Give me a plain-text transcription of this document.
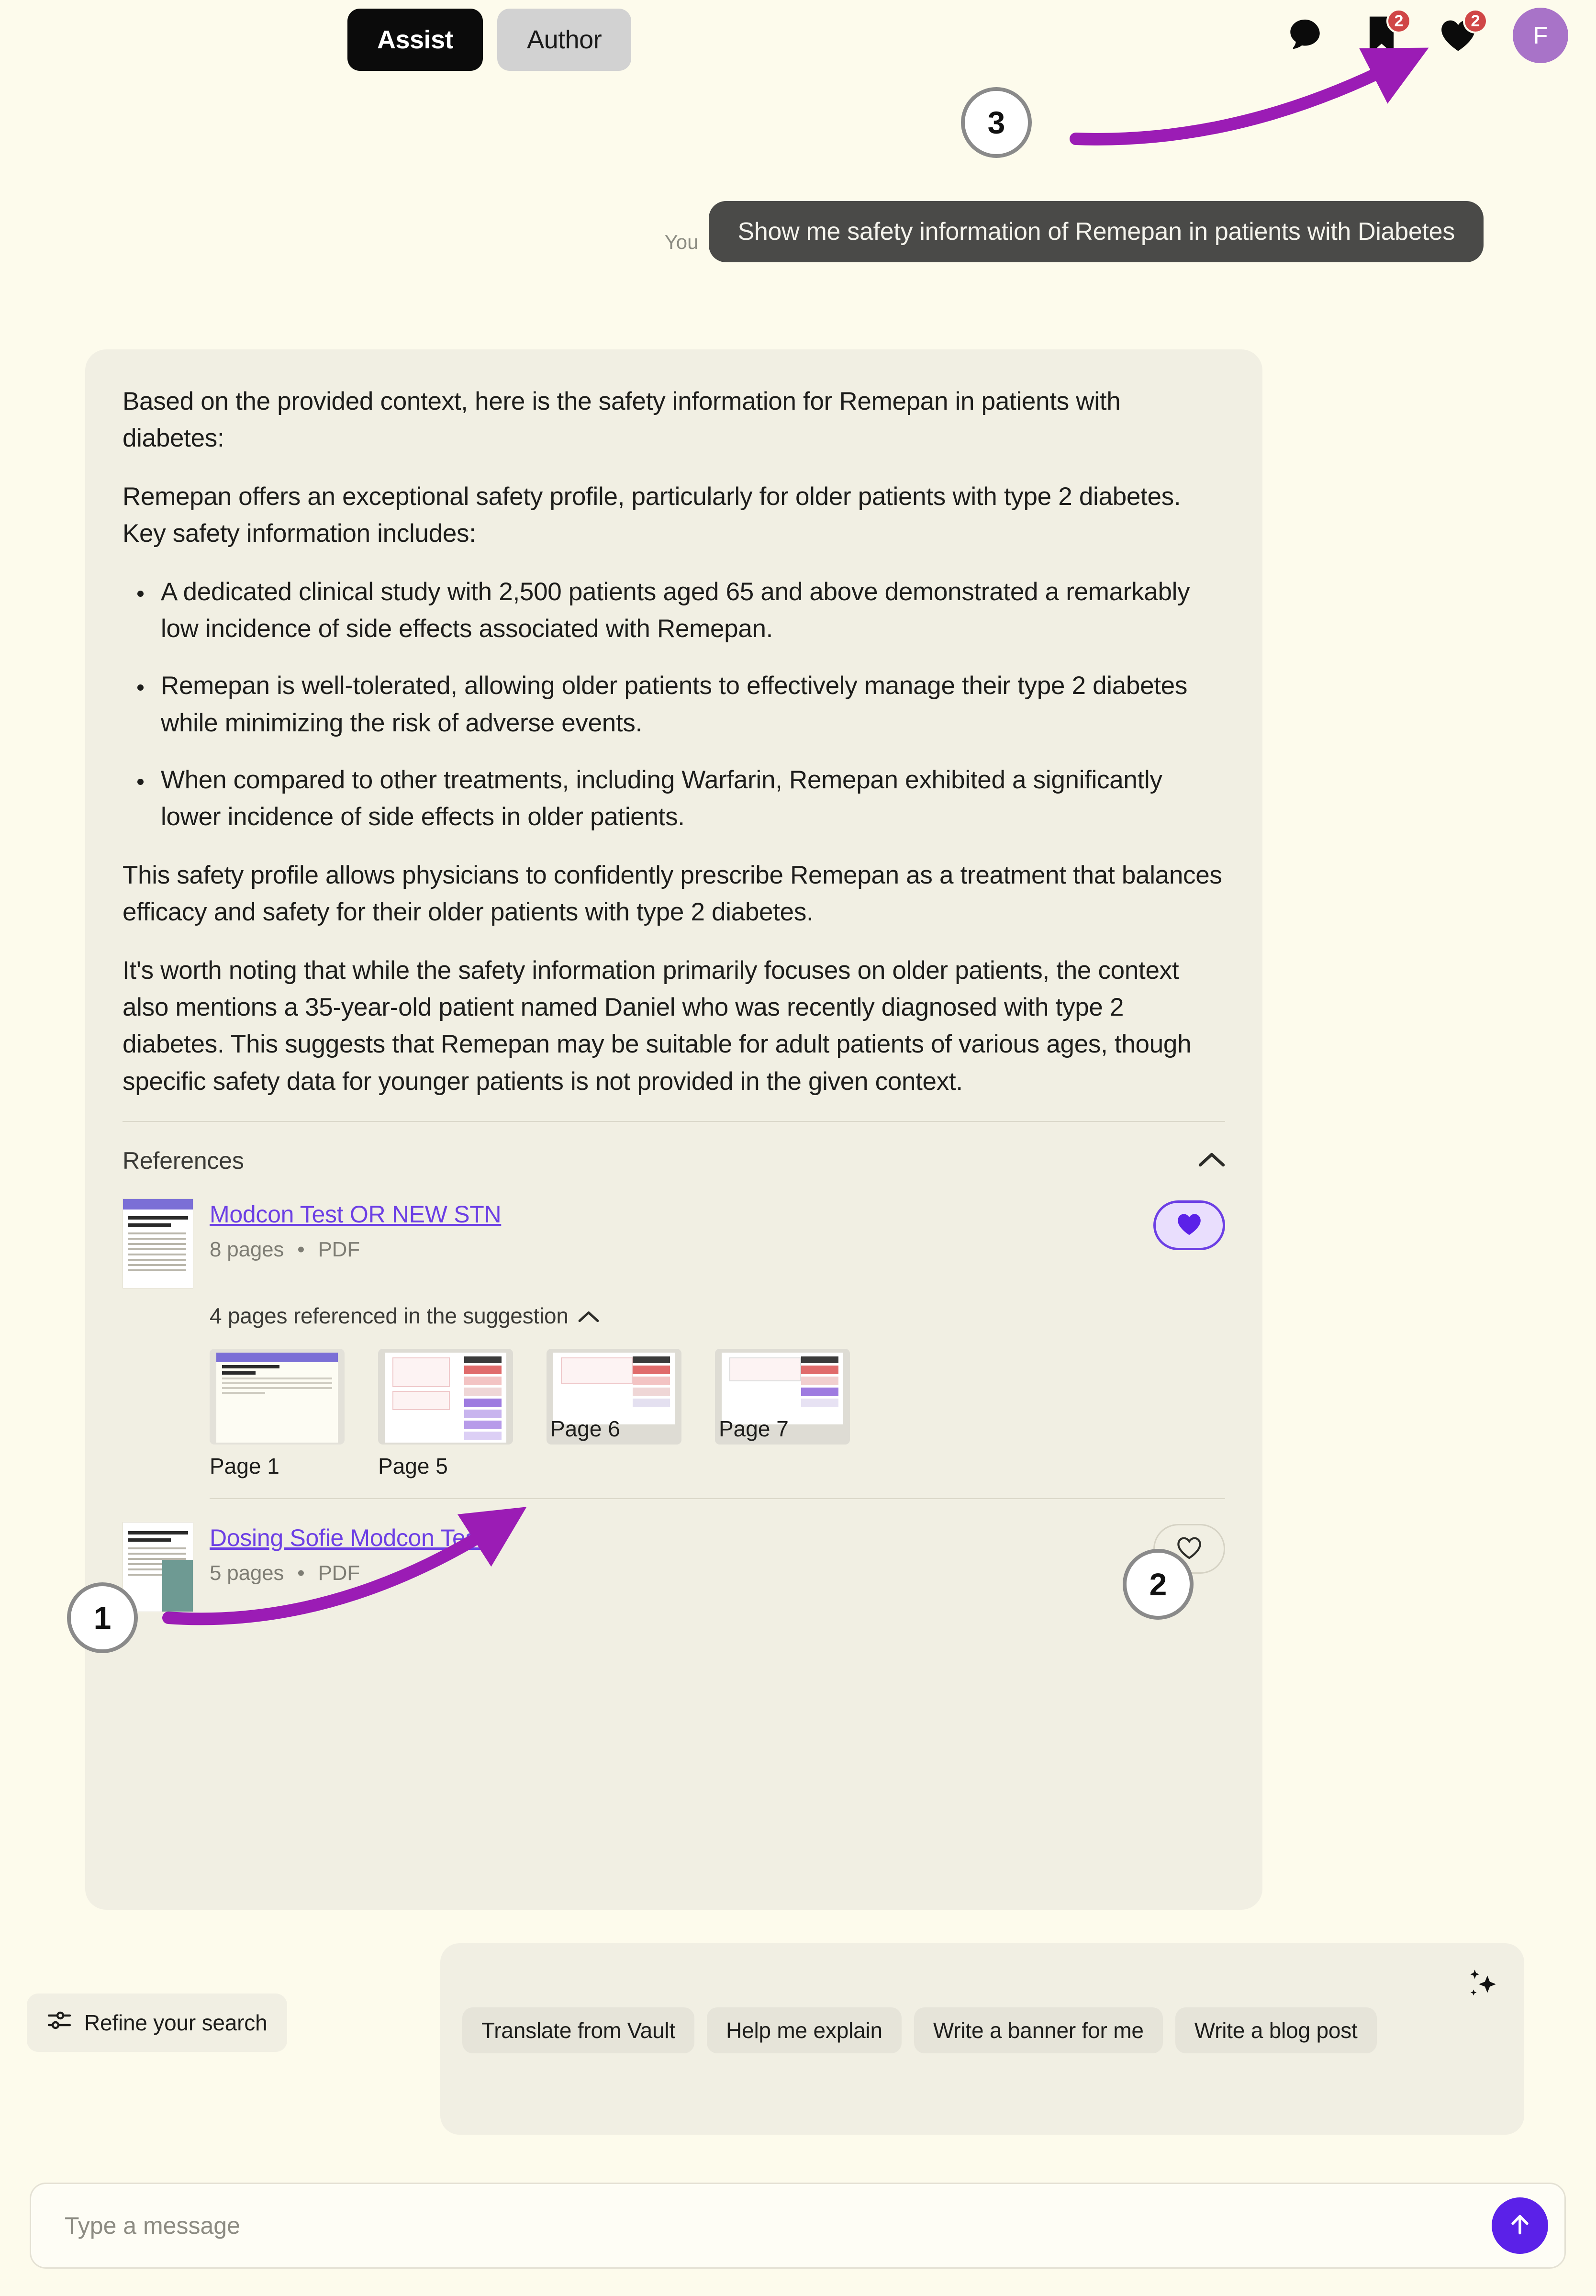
Assist	Author
2	2
F
You	Show me safety information of Remepan in patients with Diabetes

Based on the provided context, here is the safety information for Remepan in patients with diabetes:

Remepan offers an exceptional safety profile, particularly for older patients with type 2 diabetes. Key safety information includes:

• A dedicated clinical study with 2,500 patients aged 65 and above demonstrated a remarkably low incidence of side effects associated with Remepan.
• Remepan is well-tolerated, allowing older patients to effectively manage their type 2 diabetes while minimizing the risk of adverse events.
• When compared to other treatments, including Warfarin, Remepan exhibited a significantly lower incidence of side effects in older patients.

This safety profile allows physicians to confidently prescribe Remepan as a treatment that balances efficacy and safety for their older patients with type 2 diabetes.

It's worth noting that while the safety information primarily focuses on older patients, the context also mentions a 35-year-old patient named Daniel who was recently diagnosed with type 2 diabetes. This suggests that Remepan may be suitable for adult patients of various ages, though specific safety data for younger patients is not provided in the given context.

References
Modcon Test OR NEW STN
8 pages • PDF
4 pages referenced in the suggestion
Page 1	Page 5
Page 6	Page 7
Dosing Sofie Modcon Test
5 pages • PDF
Refine your search	Translate from Vault	Help me explain	Write a banner for me	Write a blog post
Type a message
1
2
3
